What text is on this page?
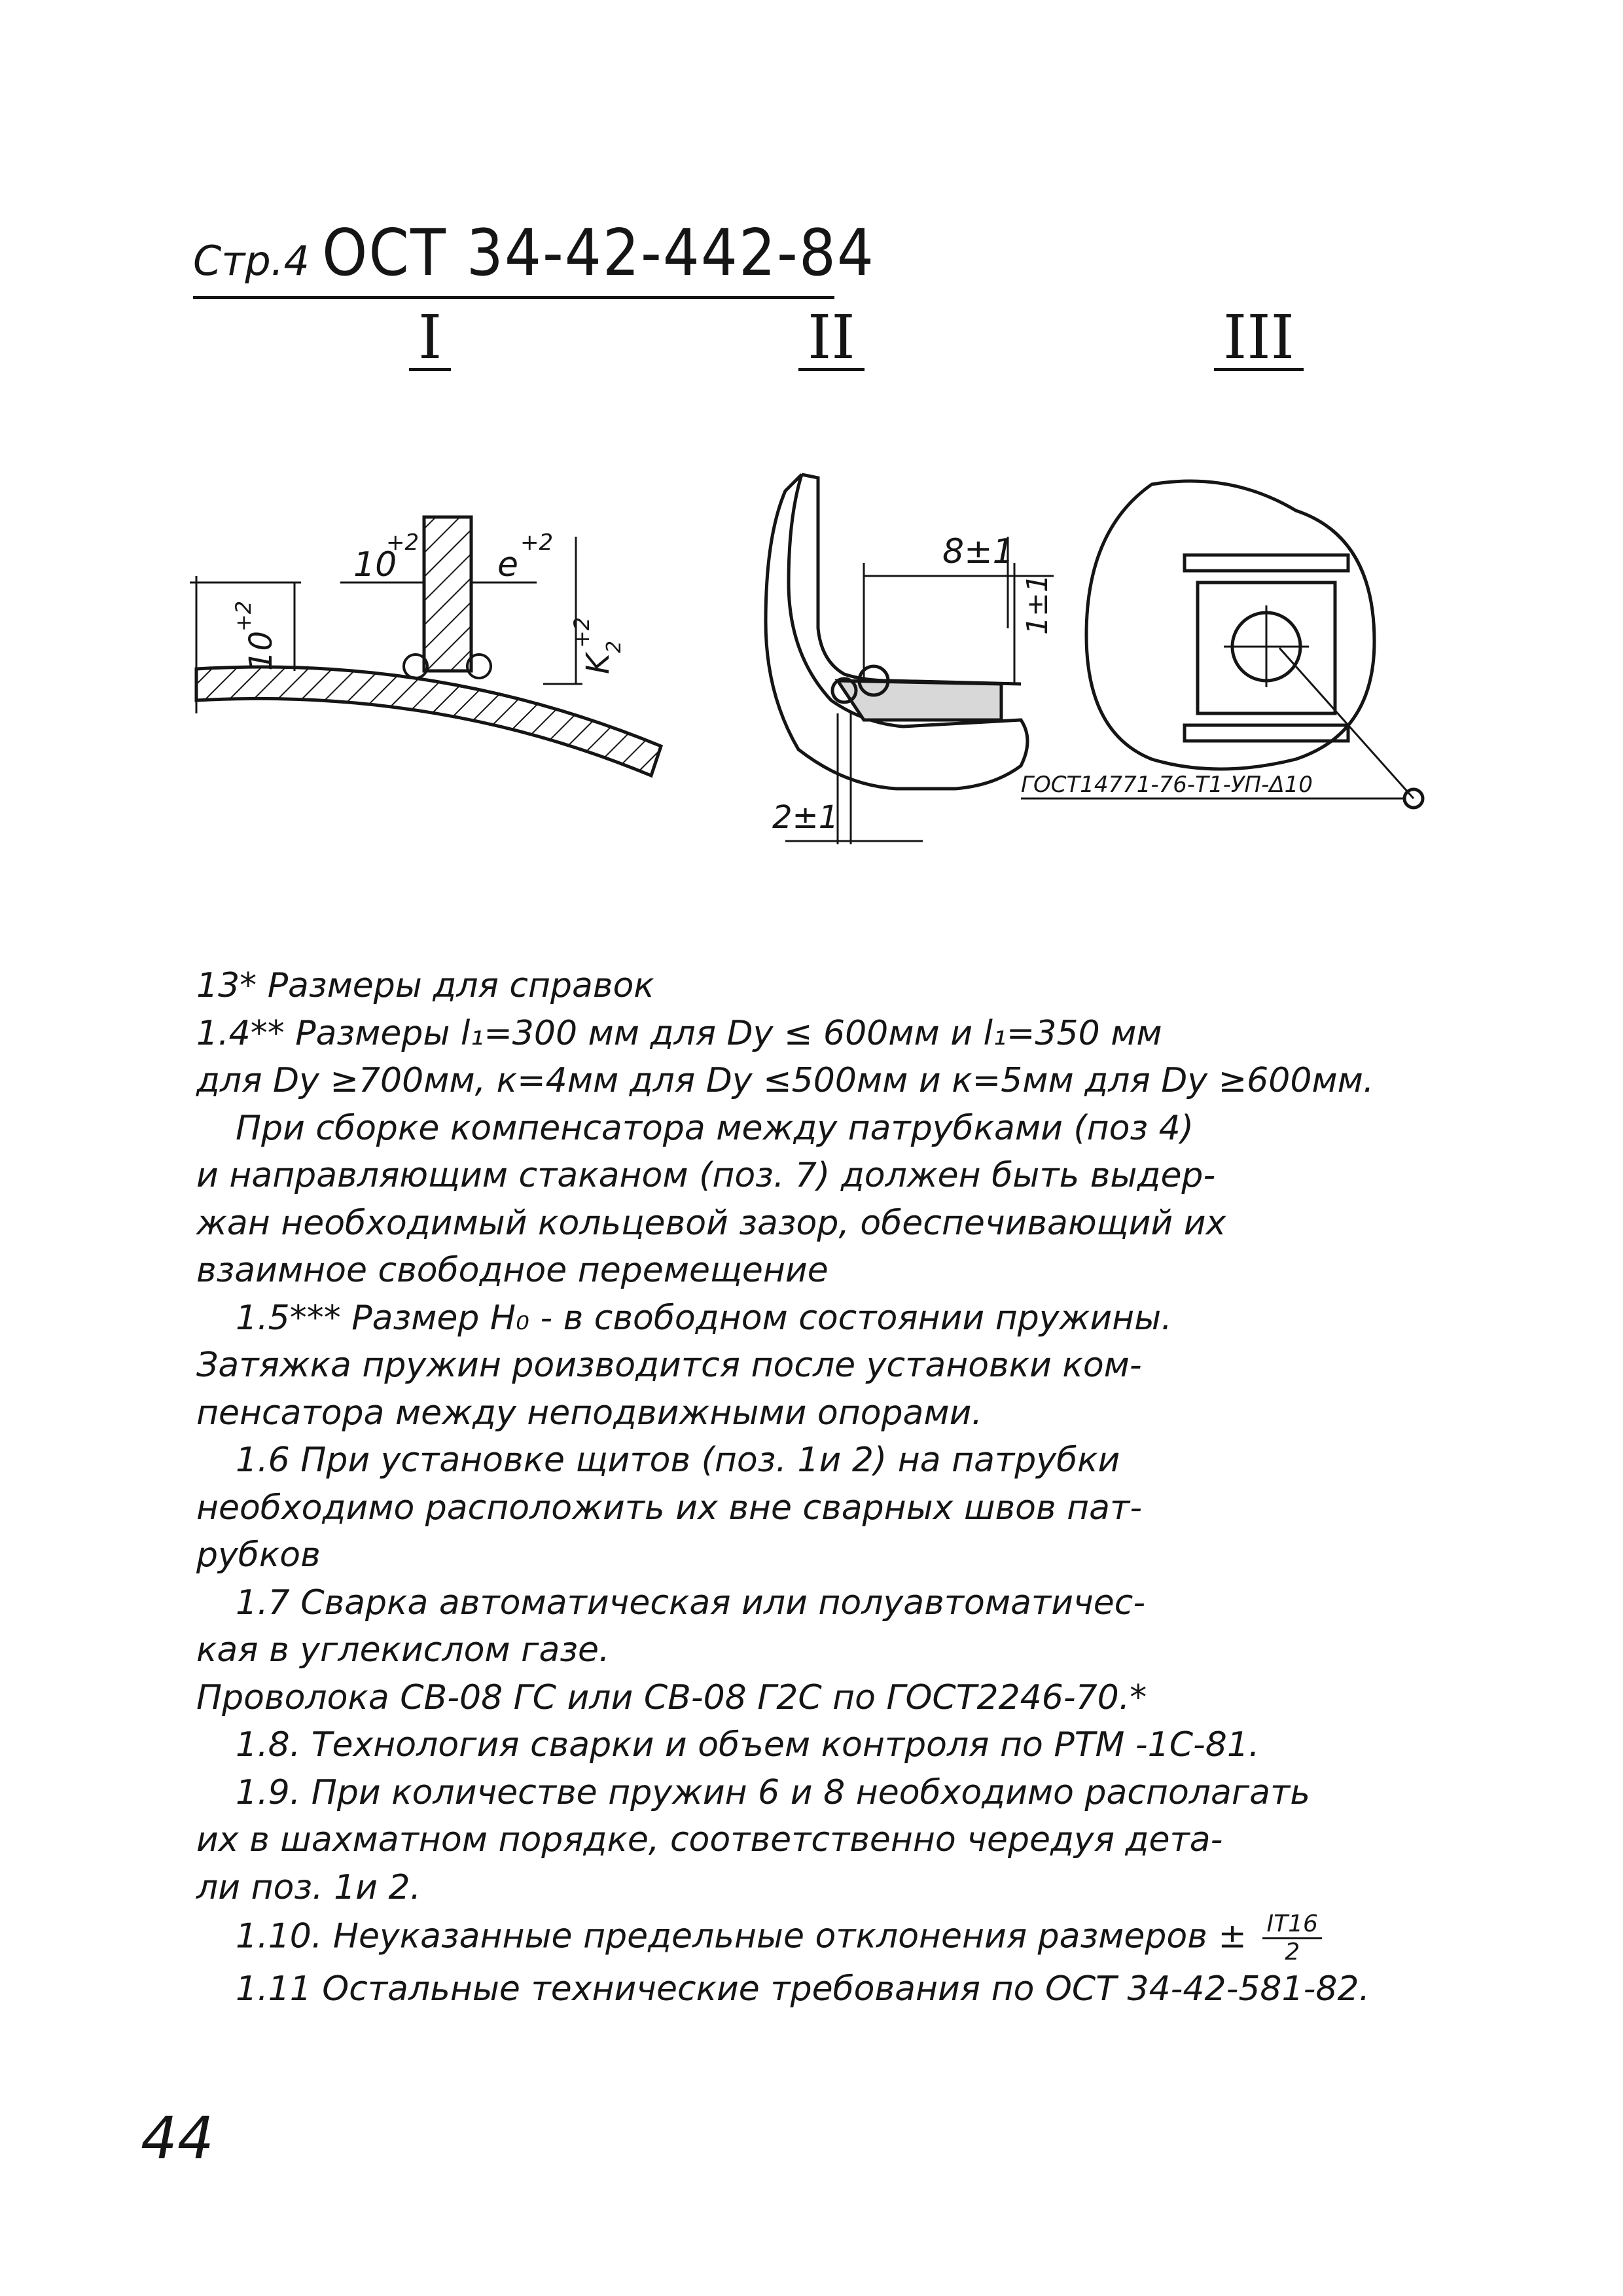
Стр.4 ОСТ 34-42-442-84
I	II	III
10
+2
e
+2
10
+2
K
2
+2
8±1
1±1
2±1
ГОСТ14771-76-Т1-УП-Δ10

13* Размеры для справок

1.4** Размеры l₁=300 мм для Dу ≤ 600мм и l₁=350 мм

для Dу ≥700мм, к=4мм для Dу ≤500мм и к=5мм для Dу ≥600мм.

При сборке компенсатора между патрубками (поз 4)

и направляющим стаканом (поз. 7) должен быть выдер-

жан необходимый кольцевой зазор, обеспечивающий их

взаимное свободное перемещение

1.5*** Размер H₀ - в свободном состоянии пружины.

Затяжка пружин роизводится после установки ком-

пенсатора между неподвижными опорами.

1.6 При установке щитов (поз. 1и 2) на патрубки

необходимо расположить их вне сварных швов пат-

рубков

1.7 Сварка автоматическая или полуавтоматичес-

кая в углекислом газе.

Проволока СВ-08 ГС или СВ-08 Г2С по ГОСТ2246-70.*

1.8. Технология сварки и объем контроля по РТМ -1С-81.

1.9. При количестве пружин 6 и 8 необходимо располагать

их в шахматном порядке, соответственно чередуя дета-

ли поз. 1и 2.

1.10. Неуказанные предельные отклонения размеров ± $\frac{IT16}{2}$

1.11 Остальные технические требования по ОСТ 34-42-581-82.

44
